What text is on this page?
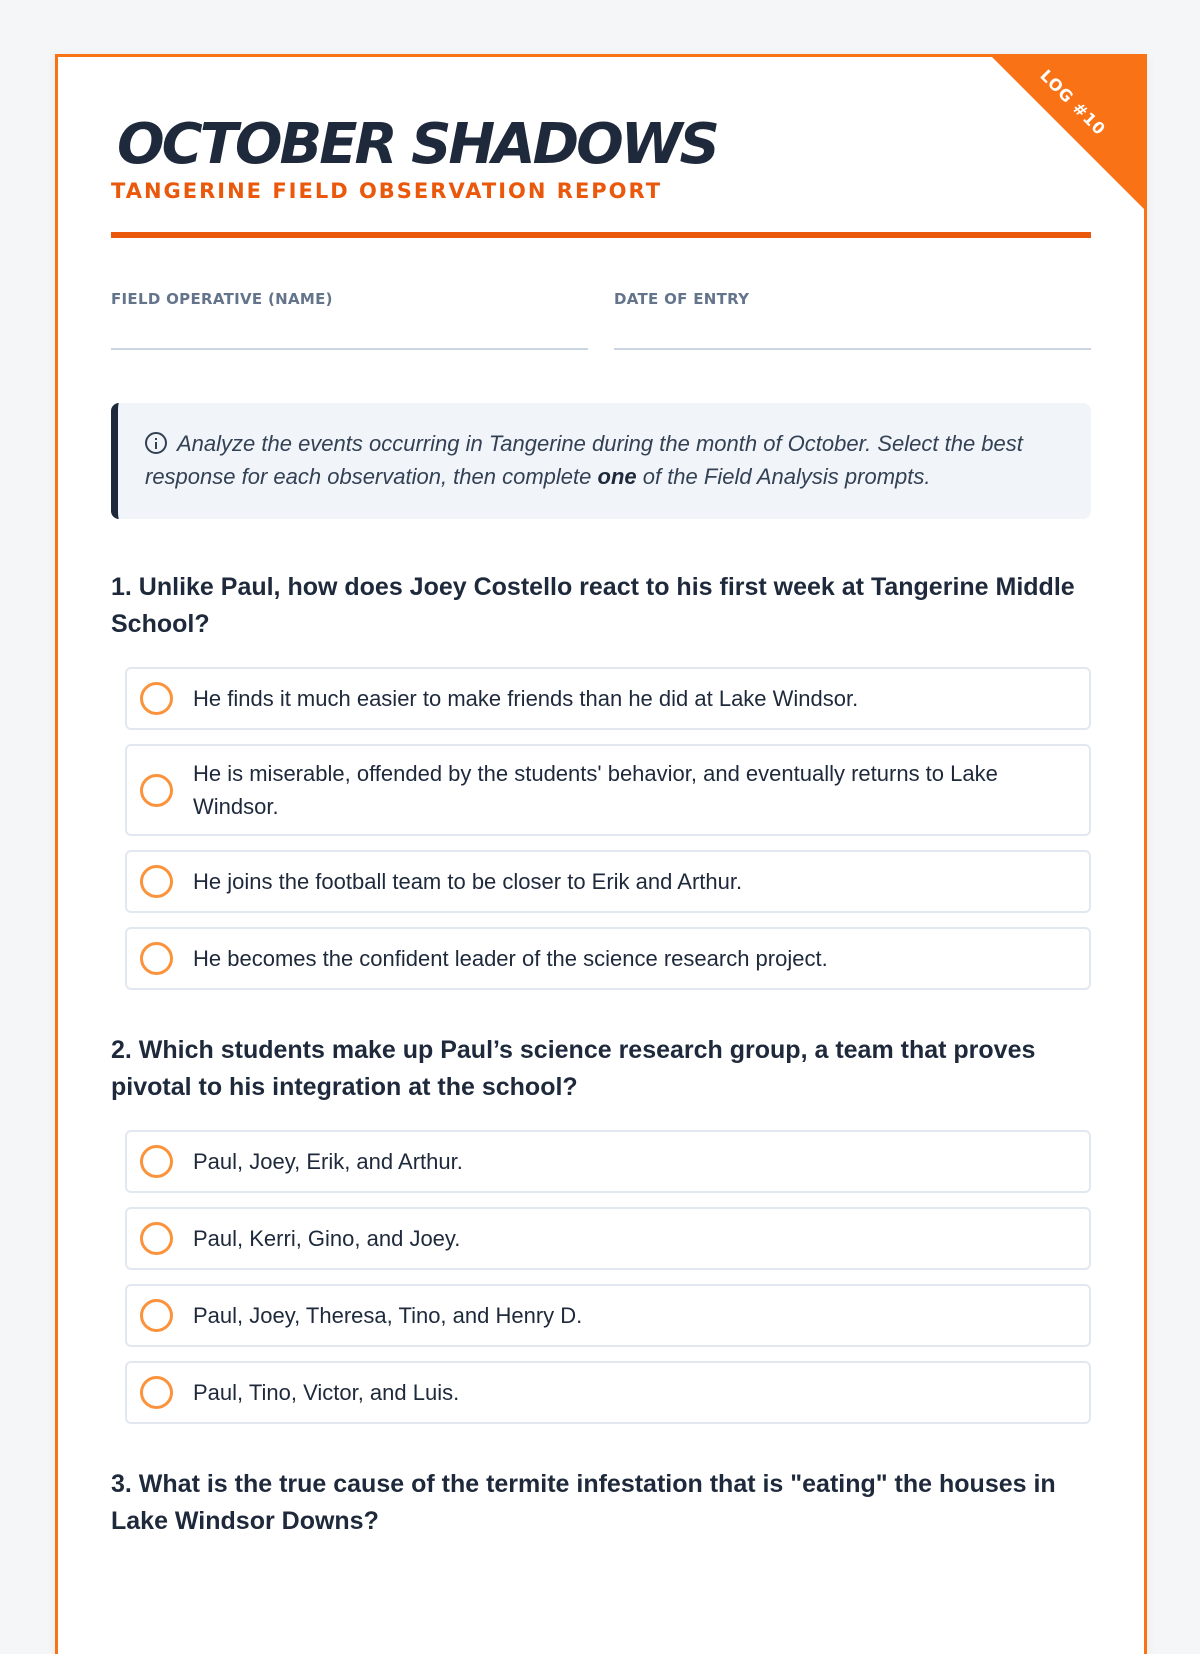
LOG #10
OCTOBER SHADOWS
TANGERINE FIELD OBSERVATION REPORT
FIELD OPERATIVE (NAME)	DATE OF ENTRY
Analyze the events occurring in Tangerine during the month of October. Select the best response for each observation, then complete one of the Field Analysis prompts.
1. Unlike Paul, how does Joey Costello react to his first week at Tangerine Middle School?
He finds it much easier to make friends than he did at Lake Windsor.
He is miserable, offended by the students' behavior, and eventually returns to Lake Windsor.
He joins the football team to be closer to Erik and Arthur.
He becomes the confident leader of the science research project.
2. Which students make up Paul’s science research group, a team that proves pivotal to his integration at the school?
Paul, Joey, Erik, and Arthur.
Paul, Kerri, Gino, and Joey.
Paul, Joey, Theresa, Tino, and Henry D.
Paul, Tino, Victor, and Luis.
3. What is the true cause of the termite infestation that is "eating" the houses in Lake Windsor Downs?
